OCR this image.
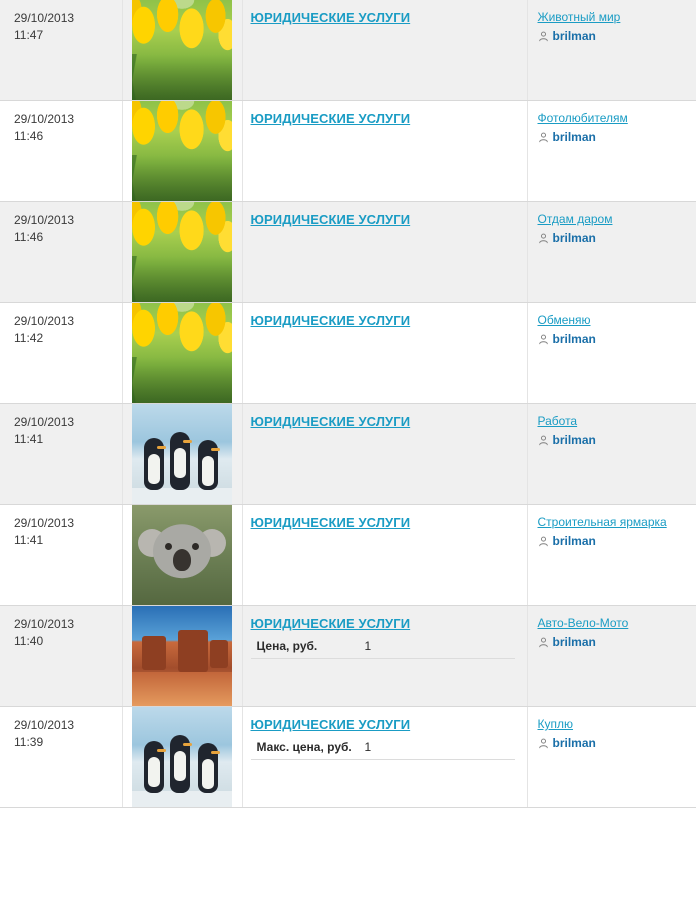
29/10/2013
11:47		ЮРИДИЧЕСКИЕ УСЛУГИ	Животный мир
brilman

29/10/2013
11:46		ЮРИДИЧЕСКИЕ УСЛУГИ	Фотолюбителям
brilman

29/10/2013
11:46		ЮРИДИЧЕСКИЕ УСЛУГИ	Отдам даром
brilman

29/10/2013
11:42		ЮРИДИЧЕСКИЕ УСЛУГИ	Обменяю
brilman

29/10/2013
11:41		ЮРИДИЧЕСКИЕ УСЛУГИ	Работа
brilman

29/10/2013
11:41		ЮРИДИЧЕСКИЕ УСЛУГИ	Строительная ярмарка
brilman

29/10/2013
11:40		ЮРИДИЧЕСКИЕ УСЛУГИ
Цена, руб. 1	Авто-Вело-Мото
brilman

29/10/2013
11:39		ЮРИДИЧЕСКИЕ УСЛУГИ
Макс. цена, руб. 1	Куплю
brilman
